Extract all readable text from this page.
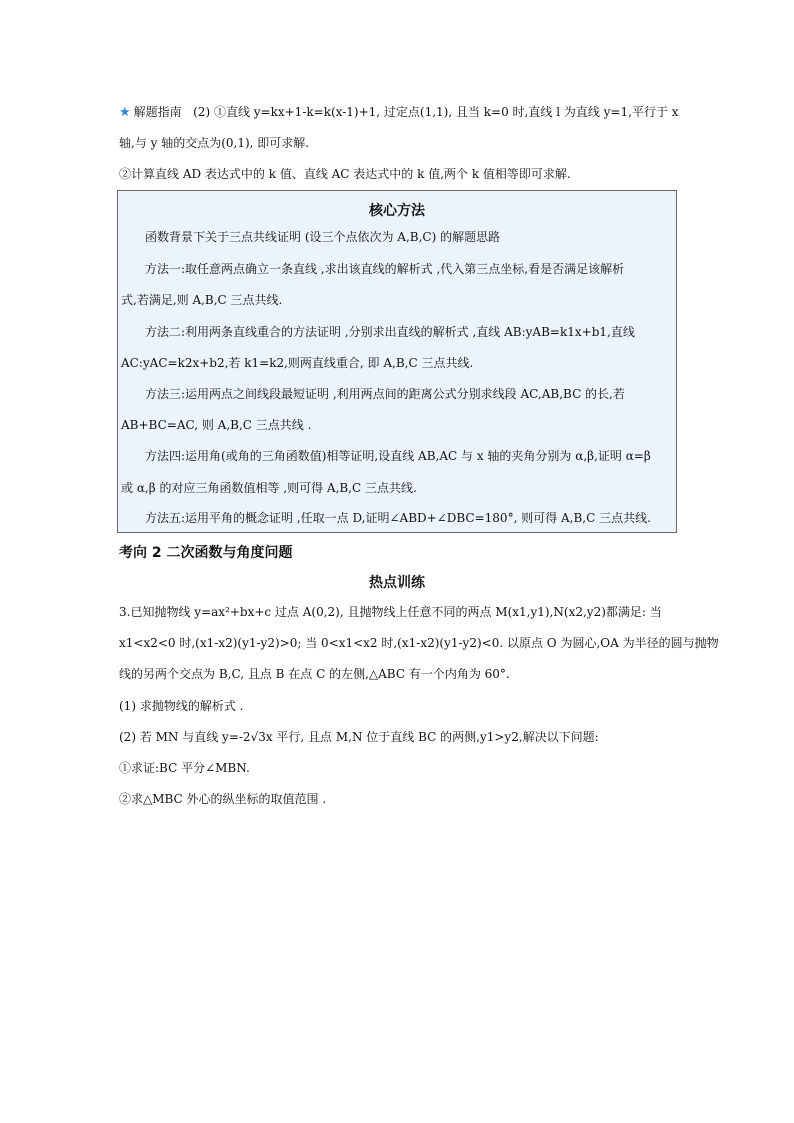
★ 解题指南 (2) ①直线 y=kx+1-k=k(x-1)+1, 过定点(1,1), 且当 k=0 时,直线 l 为直线 y=1,平行于 x
轴,与 y 轴的交点为(0,1), 即可求解.
②计算直线 AD 表达式中的 k 值、直线 AC 表达式中的 k 值,两个 k 值相等即可求解.
核心方法
函数背景下关于三点共线证明 (设三个点依次为 A,B,C) 的解题思路
方法一:取任意两点确立一条直线 ,求出该直线的解析式 ,代入第三点坐标,看是否满足该解析
式,若满足,则 A,B,C 三点共线.
方法二:利用两条直线重合的方法证明 ,分别求出直线的解析式 ,直线 AB:yAB=k1x+b1,直线
AC:yAC=k2x+b2,若 k1=k2,则两直线重合, 即 A,B,C 三点共线.
方法三:运用两点之间线段最短证明 ,利用两点间的距离公式分别求线段 AC,AB,BC 的长,若
AB+BC=AC, 则 A,B,C 三点共线 .
方法四:运用角(或角的三角函数值)相等证明,设直线 AB,AC 与 x 轴的夹角分别为 α,β,证明 α=β
或 α,β 的对应三角函数值相等 ,则可得 A,B,C 三点共线.
方法五:运用平角的概念证明 ,任取一点 D,证明∠ABD+∠DBC=180°, 则可得 A,B,C 三点共线.
考向 2 二次函数与角度问题
热点训练
3.已知抛物线 y=ax²+bx+c 过点 A(0,2), 且抛物线上任意不同的两点 M(x1,y1),N(x2,y2)都满足: 当
x1<x2<0 时,(x1-x2)(y1-y2)>0; 当 0<x1<x2 时,(x1-x2)(y1-y2)<0. 以原点 O 为圆心,OA 为半径的圆与抛物
线的另两个交点为 B,C, 且点 B 在点 C 的左侧,△ABC 有一个内角为 60°.
(1) 求抛物线的解析式 .
(2) 若 MN 与直线 y=-2√3x 平行, 且点 M,N 位于直线 BC 的两侧,y1>y2,解决以下问题:
①求证:BC 平分∠MBN.
②求△MBC 外心的纵坐标的取值范围 .
